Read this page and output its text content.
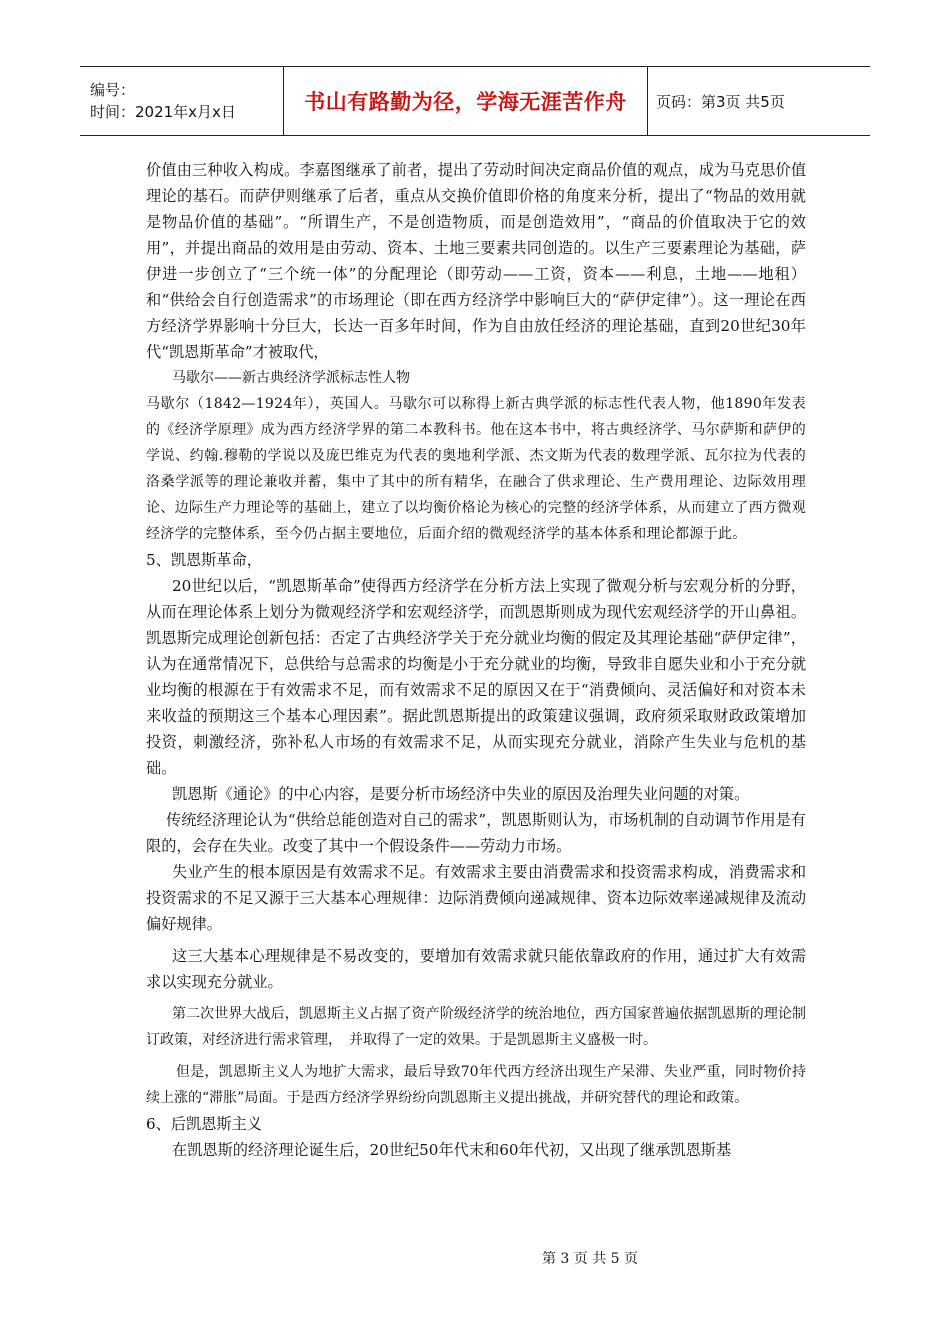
编号：
时间：2021年x月x日	书山有路勤为径，学海无涯苦作舟 页码：第3页 共5页

价值由三种收入构成。李嘉图继承了前者，提出了劳动时间决定商品价值的观点，成为马克思价值理论的基石。而萨伊则继承了后者，重点从交换价值即价格的角度来分析，提出了“物品的效用就是物品价值的基础”。“所谓生产，不是创造物质，而是创造效用”，“商品的价值取决于它的效用”，并提出商品的效用是由劳动、资本、土地三要素共同创造的。以生产三要素理论为基础，萨伊进一步创立了“三个统一体”的分配理论（即劳动——工资，资本——利息，土地——地租）和“供给会自行创造需求”的市场理论（即在西方经济学中影响巨大的“萨伊定律”）。这一理论在西方经济学界影响十分巨大，长达一百多年时间，作为自由放任经济的理论基础，直到20世纪30年代“凯恩斯革命”才被取代，

马歇尔——新古典经济学派标志性人物

马歇尔（1842—1924年），英国人。马歇尔可以称得上新古典学派的标志性代表人物，他1890年发表的《经济学原理》成为西方经济学界的第二本教科书。他在这本书中，将古典经济学、马尔萨斯和萨伊的学说、约翰.穆勒的学说以及庞巴维克为代表的奥地利学派、杰文斯为代表的数理学派、瓦尔拉为代表的洛桑学派等的理论兼收并蓄，集中了其中的所有精华，在融合了供求理论、生产费用理论、边际效用理论、边际生产力理论等的基础上，建立了以均衡价格论为核心的完整的经济学体系，从而建立了西方微观经济学的完整体系，至今仍占据主要地位，后面介绍的微观经济学的基本体系和理论都源于此。

5、凯恩斯革命，

20世纪以后，“凯恩斯革命”使得西方经济学在分析方法上实现了微观分析与宏观分析的分野，从而在理论体系上划分为微观经济学和宏观经济学，而凯恩斯则成为现代宏观经济学的开山鼻祖。凯恩斯完成理论创新包括：否定了古典经济学关于充分就业均衡的假定及其理论基础“萨伊定律”，认为在通常情况下，总供给与总需求的均衡是小于充分就业的均衡，导致非自愿失业和小于充分就业均衡的根源在于有效需求不足，而有效需求不足的原因又在于“消费倾向、灵活偏好和对资本未来收益的预期这三个基本心理因素”。据此凯恩斯提出的政策建议强调，政府须采取财政政策增加投资，刺激经济，弥补私人市场的有效需求不足，从而实现充分就业，消除产生失业与危机的基础。

凯恩斯《通论》的中心内容，是要分析市场经济中失业的原因及治理失业问题的对策。

传统经济理论认为“供给总能创造对自己的需求”，凯恩斯则认为，市场机制的自动调节作用是有限的，会存在失业。改变了其中一个假设条件——劳动力市场。

失业产生的根本原因是有效需求不足。有效需求主要由消费需求和投资需求构成，消费需求和投资需求的不足又源于三大基本心理规律：边际消费倾向递减规律、资本边际效率递减规律及流动偏好规律。

这三大基本心理规律是不易改变的，要增加有效需求就只能依靠政府的作用，通过扩大有效需求以实现充分就业。

第二次世界大战后，凯恩斯主义占据了资产阶级经济学的统治地位，西方国家普遍依据凯恩斯的理论制订政策，对经济进行需求管理，　并取得了一定的效果。于是凯恩斯主义盛极一时。

但是，凯恩斯主义人为地扩大需求，最后导致70年代西方经济出现生产呆滞、失业严重，同时物价持续上涨的“滞胀”局面。于是西方经济学界纷纷向凯恩斯主义提出挑战，并研究替代的理论和政策。

6、后凯恩斯主义

在凯恩斯的经济理论诞生后，20世纪50年代末和60年代初，又出现了继承凯恩斯基

第 3 页 共 5 页
